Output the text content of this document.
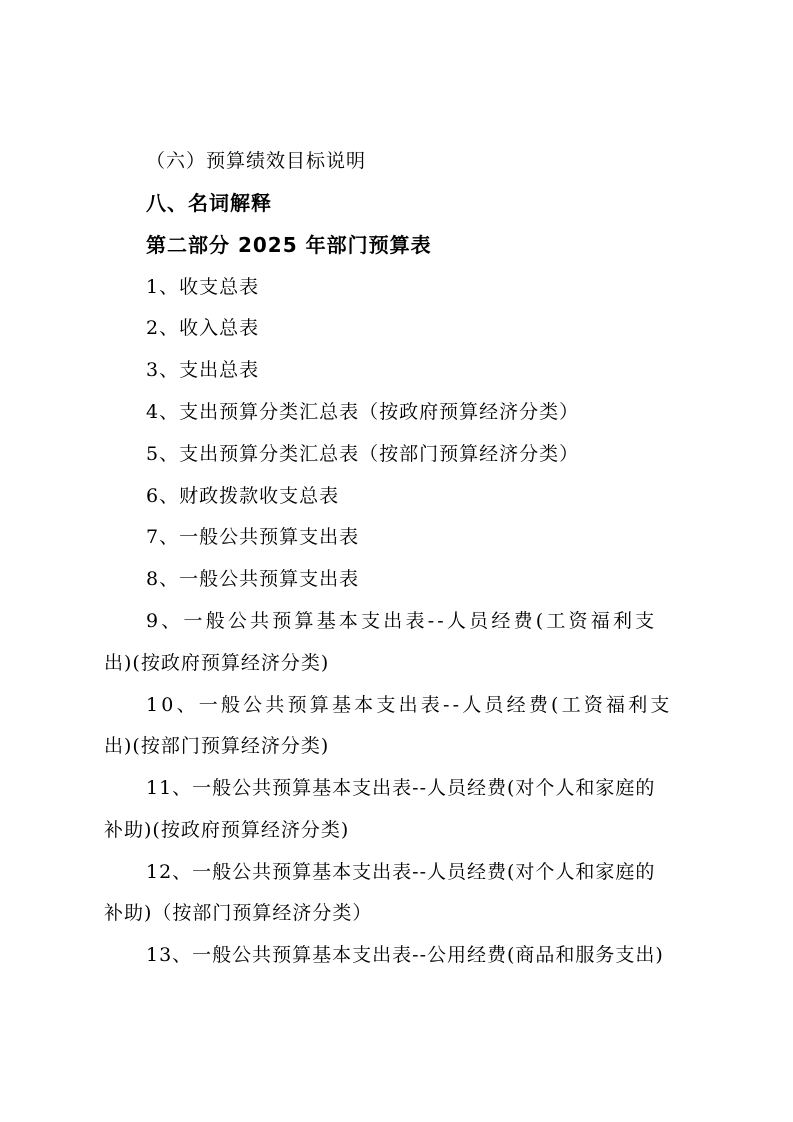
（六）预算绩效目标说明
八、名词解释
第二部分 2025 年部门预算表
1、收支总表
2、收入总表
3、支出总表
4、支出预算分类汇总表（按政府预算经济分类）
5、支出预算分类汇总表（按部门预算经济分类）
6、财政拨款收支总表
7、一般公共预算支出表
8、一般公共预算支出表
9、一般公共预算基本支出表--人员经费(工资福利支
出)(按政府预算经济分类)
10、一般公共预算基本支出表--人员经费(工资福利支
出)(按部门预算经济分类)
11、一般公共预算基本支出表--人员经费(对个人和家庭的
补助)(按政府预算经济分类)
12、一般公共预算基本支出表--人员经费(对个人和家庭的
补助)（按部门预算经济分类）
13、一般公共预算基本支出表--公用经费(商品和服务支出)
